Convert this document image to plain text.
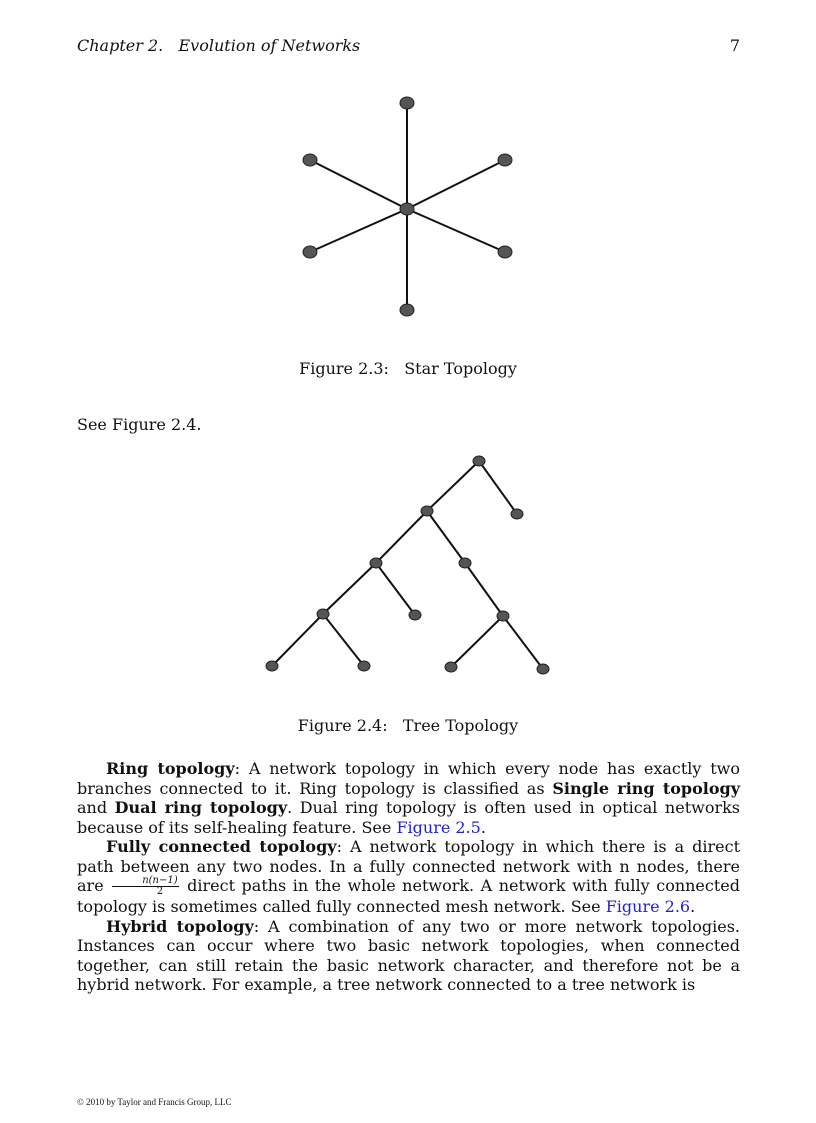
Chapter 2. Evolution of Networks	7
Figure 2.3: Star Topology

See Figure 2.4.

Figure 2.4: Tree Topology

Ring topology: A network topology in which every node has exactly two branches connected to it. Ring topology is classified as Single ring topology and Dual ring topology. Dual ring topology is often used in optical networks because of its self-healing feature. See Figure 2.5.

Fully connected topology: A network topology in which there is a direct path between any two nodes. In a fully connected network with n nodes, there are $\frac{n(n-1)}{2}$ direct paths in the whole network. A network with fully connected topology is sometimes called fully connected mesh network. See Figure 2.6.

Hybrid topology: A combination of any two or more network topologies. Instances can occur where two basic network topologies, when connected together, can still retain the basic network character, and therefore not be a hybrid network. For example, a tree network connected to a tree network is

© 2010 by Taylor and Francis Group, LLC
